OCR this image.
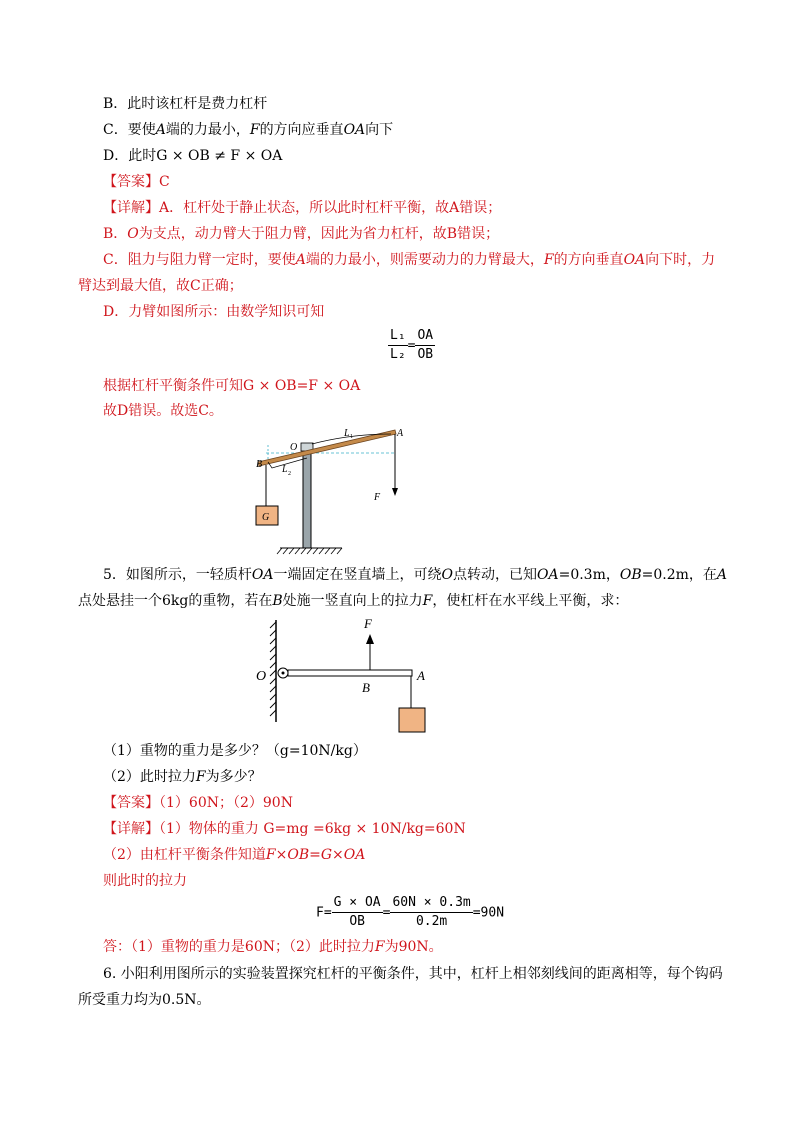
B．此时该杠杆是费力杠杆
C．要使A端的力最小，F的方向应垂直OA向下
D．此时G × OB ≠ F × OA
【答案】C
【详解】A．杠杆处于静止状态，所以此时杠杆平衡，故A错误；
B．O为支点，动力臂大于阻力臂，因此为省力杠杆，故B错误；
C．阻力与阻力臂一定时，要使A端的力最小，则需要动力的力臂最大，F的方向垂直OA向下时，力
臂达到最大值，故C正确；
D．力臂如图所示：由数学知识可知
$\frac{\text{L₁}}{\text{L₂}} = \frac{OA}{OB}$
根据杠杆平衡条件可知G × OB=F × OA
故D错误。故选C。
G
O
L 1	A
B L 2
F
5．如图所示，一轻质杆OA一端固定在竖直墙上，可绕O点转动，已知OA=0.3m，OB=0.2m，在A
点处悬挂一个6kg的重物，若在B处施一竖直向上的拉力F，使杠杆在水平线上平衡，求：
F
O
B
A
（1）重物的重力是多少？（g=10N/kg）
（2）此时拉力F为多少？
【答案】（1）60N；（2）90N
【详解】（1）物体的重力 G=mg =6kg × 10N/kg=60N
（2）由杠杆平衡条件知道F×OB=G×OA
则此时的拉力
$F= \frac{G \times OA}{OB} = \frac{60N \times 0.3m}{0.2m} =90N$
答：（1）重物的重力是60N；（2）此时拉力F为90N。
6. 小阳利用图所示的实验装置探究杠杆的平衡条件，其中，杠杆上相邻刻线间的距离相等，每个钩码
所受重力均为0.5N。
